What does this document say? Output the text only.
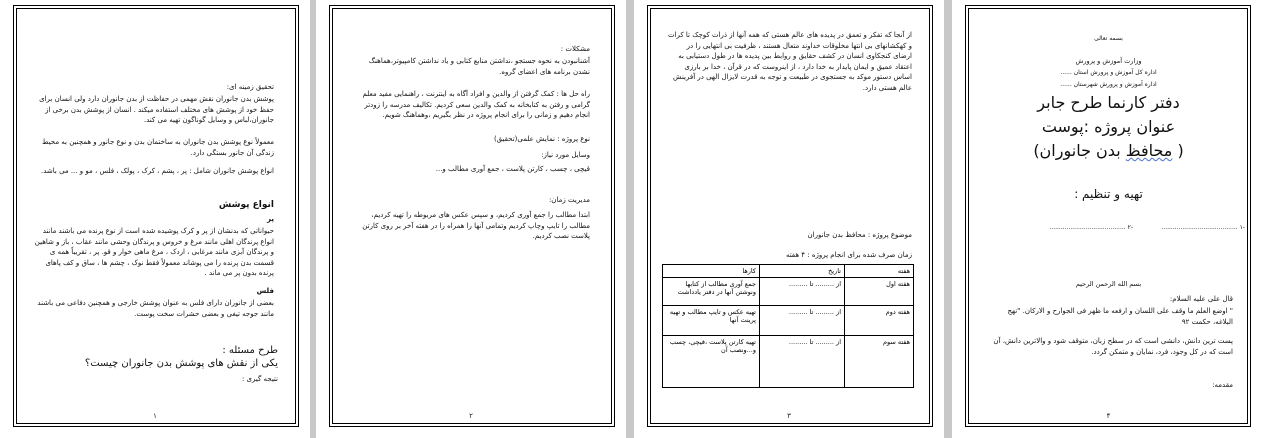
تحقیق زمینه ای:
پوشش بدن جانوران نقش مهمی در حفاظت از بدن جانوران دارد ولی انسان برای حفظ خود از پوشش های مختلف استفاده میکند . انسان از پوشش بدن برخی از جانوران،لباس و وسایل گوناگون تهیه می کند.
معمولاً نوع پوشش بدن جانوران به ساختمان بدن و نوع جانور و همچنین به محیط زندگی آن جانور بستگی دارد.
انواع پوشش جانوران شامل : پر ، پشم ، کرک ، پولک ، فلس ، مو و ... می باشد.
انواع پوشش
پر
حیواناتی که بدنشان از پر و کرک پوشیده شده است از نوع پرنده می باشند مانند انواع پرندگان اهلی مانند مرغ و خروس و پرندگان وحشی مانند عقاب ، باز و شاهین و پرندگان آبزی مانند مرغابی ، اردک ، مرغ ماهی خوار و قو. پر ، تقریباً همه ی قسمت بدن پرنده را می پوشاند معمولاً فقط نوک ، چشم ها ، ساق و کف پاهای پرنده بدون پر می ماند .
فلس
بعضی از جانوران دارای فلس به عنوان پوشش خارجی و همچنین دفاعی می باشند مانند جوجه تیغی و بعضی حشرات سخت پوست.
طرح مسئله :
یکی از نقش های پوشش بدن جانوران چیست؟
نتیجه گیری :
۱
مشکلات :
آشنانبودن به نحوه جستجو ،نداشتن منابع کتابی و یاد نداشتن کامپیوتر،هماهنگ نشدن برنامه های اعضای گروه.
راه حل ها : کمک گرفتن از والدین و افراد آگاه به اینترنت ، راهنمایی مفید معلم گرامی و رفتن به کتابخانه به کمک والدین سعی کردیم. تکالیف مدرسه را زودتر انجام دهیم و زمانی را برای انجام پروژه در نظر بگیریم ،وهماهنگ شویم.
نوع پروژه : نمایش علمی(تحقیق)
وسایل مورد نیاز:
قیچی ، چسب ، کارتن پلاست ، جمع آوری مطالب و...
مدیریت زمان:
ابتدا مطالب را جمع آوری کردیم، و سپس عکس های مربوطه را تهیه کردیم، مطالب را تایپ وچاپ کردیم وتمامی آنها را همراه را در هفته آخر بر روی کارتن پلاست نصب کردیم.
۲
از آنجا که تفکر و تعمق در پدیده های عالم هستی که همه آنها از ذرات کوچک تا کرات و کهکشانهای بی انتها مخلوقات خداوند متعال هستند ، ظرفیت بی انتهایی را در ارضای کنجکاوی انسان در کشف حقایق و روابط بین پدیده ها در طول دستیابی به اعتقاد عمیق و ایمان پایدار به خدا دارد ، از اینروست که در قرآن ، خدا بر بارزی اساس دستور موکد به جستجوی در طبیعت و توجه به قدرت لایزال الهی در آفرینش عالم هستی دارد.
موضوع پروژه : محافظ بدن جانوران
زمان صرف شده برای انجام پروژه : ۴ هفته
هفته	تاریخ	کارها
هفته اول	از ......... تا .........	جمع آوری مطالب از کتابها ونوشتن آنها در دفتر یادداشت
هفته دوم	از ......... تا .........	تهیه عکس و تایپ مطالب و تهیه پرینت آنها
هفته سوم	از ......... تا .........	تهیه کارتن پلاست ،قیچی، چسب و...ونصب آن
۳
بسمه تعالی
وزارت آموزش و پرورش
اداره کل آموزش و پرورش استان ......
اداره آموزش و پرورش شهرستان ......
دفتر کارنما طرح جابر
عنوان پروژه :پوست
( محافظ بدن جانوران)
تهیه و تنظیم :
-۱ ........................................
-۲ ........................................
بسم الله الرحمن الرحیم
قال علی علیه السلام:
" اوضع العلم ما وقف علی اللسان و ارفعه ما ظهر فی الجوارح و الارکان. "نهج البلاغه، حکمت ۹۲
پست ترین دانش، دانشی است که در سطح زبان، متوقف شود و والاترین دانش، آن است که در کل وجود، فرد، نمایان و متمکن گردد.
مقدمه:
۴
